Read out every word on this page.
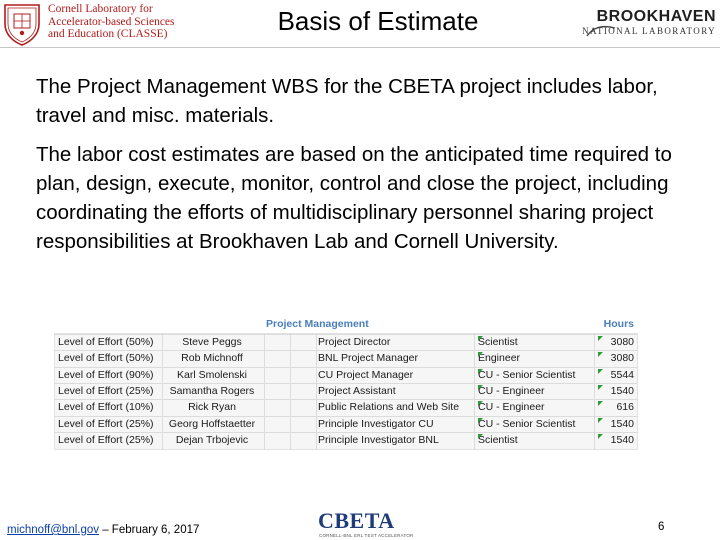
Cornell Laboratory for
Accelerator-based Sciences
and Education (CLASSE)	Basis of Estimate	BROOKHAVEN
NATIONAL LABORATORY
The Project Management WBS for the CBETA project includes labor, travel and misc. materials.
The labor cost estimates are based on the anticipated time required to plan, design, execute, monitor, control and close the project, including coordinating the efforts of multidisciplinary personnel sharing project responsibilities at Brookhaven Lab and Cornell University.
Project Management	Hours
Level of Effort (50%)	Steve Peggs	Project Director	Scientist	3080
Level of Effort (50%)	Rob Michnoff	BNL Project Manager	Engineer	3080
Level of Effort (90%)	Karl Smolenski	CU Project Manager	CU - Senior Scientist	5544
Level of Effort (25%)	Samantha Rogers	Project Assistant	CU - Engineer	1540
Level of Effort (10%)	Rick Ryan	Public Relations and Web Site	CU - Engineer	616
Level of Effort (25%)	Georg Hoffstaetter	Principle Investigator CU	CU - Senior Scientist	1540
Level of Effort (25%)	Dejan Trbojevic	Principle Investigator BNL	Scientist	1540
michnoff@bnl.gov – February 6, 2017	CBETA
CORNELL-BNL ERL TEST ACCELERATOR
6
